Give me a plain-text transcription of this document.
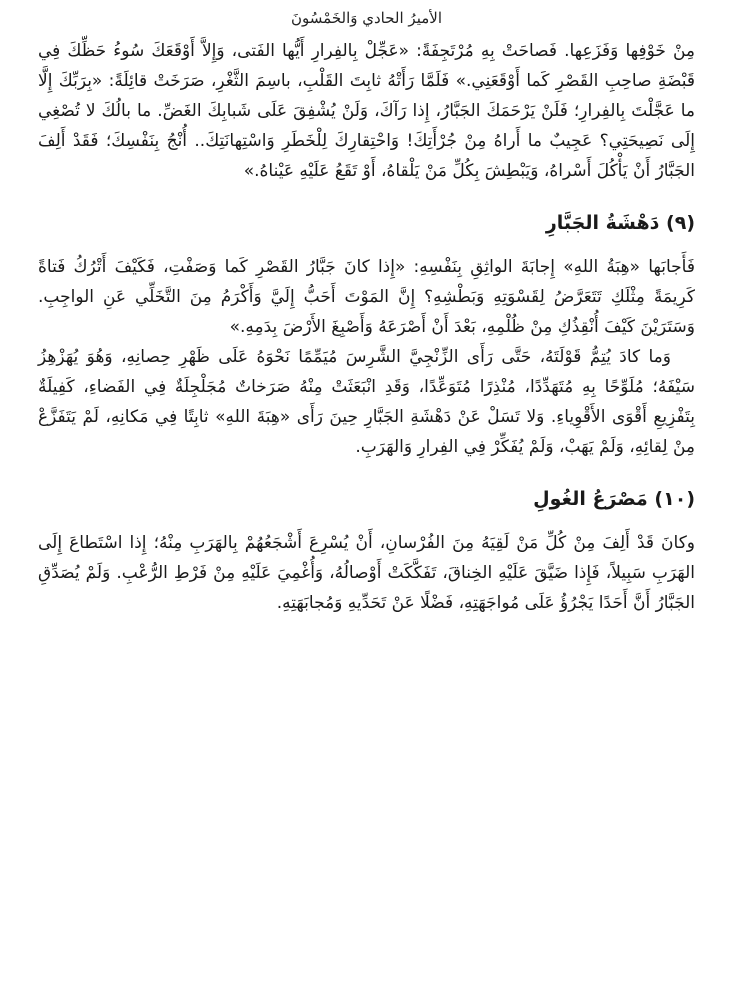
الأميرُ الحادي وَالخَمْسُونَ

مِنْ خَوْفِها وَفَزَعِها. فَصاحَتْ بِهِ مُرْتَجِفَةً: «عَجِّلْ بِالفِرارِ أَيُّها الفَتى، وَإِلاَّ أَوْقَعَكَ سُوءُ حَظِّكَ فِي قَبْضَةِ صاحِبِ القَصْرِ كَما أَوْقَعَنِي.» فَلَمَّا رَأَتْهُ ثابِتَ القَلْبِ، باسِمَ الثَّغْرِ، صَرَخَتْ قائِلَةً: «بِرَبِّكَ إِلَّا ما عَجَّلْتَ بِالفِرارِ؛ فَلَنْ يَرْحَمَكَ الجَبَّارُ، إِذا رَآكَ، وَلَنْ يُشْفِقَ عَلَى شَبابِكَ الغَضِّ. ما بالُكَ لا تُصْغِي إِلَى نَصِيحَتِي؟ عَجِيبٌ ما أَراهُ مِنْ جُرْأَتِكَ! وَاحْتِقارِكَ لِلْخَطَرِ وَاسْتِهانَتِكَ.. أُنْجُ بِنَفْسِكَ؛ فَقَدْ أَلِفَ الجَبَّارُ أَنْ يَأْكُلَ أَسْراهُ، وَيَبْطِشَ بِكُلِّ مَنْ يَلْقاهُ، أَوْ تَقَعُ عَلَيْهِ عَيْناهُ.»

(٩) دَهْشَةُ الجَبَّارِ

فَأَجابَها «هِبَةُ اللهِ» إِجابَةَ الواثِقِ بِنَفْسِهِ: «إِذا كانَ جَبَّارُ القَصْرِ كَما وَصَفْتِ، فَكَيْفَ أَتْرُكُ فَتاةً كَرِيمَةً مِثْلَكِ تَتَعَرَّضُ لِقَسْوَتِهِ وَبَطْشِهِ؟ إِنَّ المَوْتَ أَحَبُّ إِلَيَّ وَأَكْرَمُ مِنَ التَّخَلِّي عَنِ الواجِبِ. وَسَتَرَيْنَ كَيْفَ أُنْقِذُكِ مِنْ ظُلْمِهِ، بَعْدَ أَنْ أَصْرَعَهُ وَأَصْبِغَ الأَرْضَ بِدَمِهِ.»

وَما كادَ يُتِمُّ قَوْلَتَهُ، حَتَّى رَأَى الزِّنْجِيَّ الشَّرِسَ مُيَمِّمًا نَحْوَهُ عَلَى ظَهْرِ حِصانِهِ، وَهُوَ يُهَزْهِزُ سَيْفَهُ؛ مُلَوِّحًا بِهِ مُتَهَدِّدًا، مُنْذِرًا مُتَوَعِّدًا، وَقَدِ انْبَعَثَتْ مِنْهُ صَرَخاتٌ مُجَلْجِلَةٌ فِي الفَضاءِ، كَفِيلَةٌ بِتَفْزِيعِ أَقْوَى الأَقْوِياءِ. وَلا تَسَلْ عَنْ دَهْشَةِ الجَبَّارِ حِينَ رَأَى «هِبَةَ اللهِ» ثابِتًا فِي مَكانِهِ، لَمْ يَتَفَزَّعْ مِنْ لِقائِهِ، وَلَمْ يَهَبْ، وَلَمْ يُفَكِّرْ فِي الفِرارِ وَالهَرَبِ.

(١٠) مَصْرَعُ الغُولِ

وكانَ قَدْ أَلِفَ مِنْ كُلِّ مَنْ لَقِيَهُ مِنَ الفُرْسانِ، أَنْ يُسْرِعَ أَشْجَعُهُمْ بِالهَرَبِ مِنْهُ؛ إِذا اسْتَطاعَ إِلَى الهَرَبِ سَبِيلاً، فَإِذا ضَيَّقَ عَلَيْهِ الخِناقَ، تَفَكَّكَتْ أَوْصالُهُ، وَأُغْمِيَ عَلَيْهِ مِنْ فَرْطِ الرُّعْبِ. وَلَمْ يُصَدِّقِ الجَبَّارُ أَنَّ أَحَدًا يَجْرُؤُ عَلَى مُواجَهَتِهِ، فَضْلًا عَنْ تَحَدِّيهِ وَمُجابَهَتِهِ.
